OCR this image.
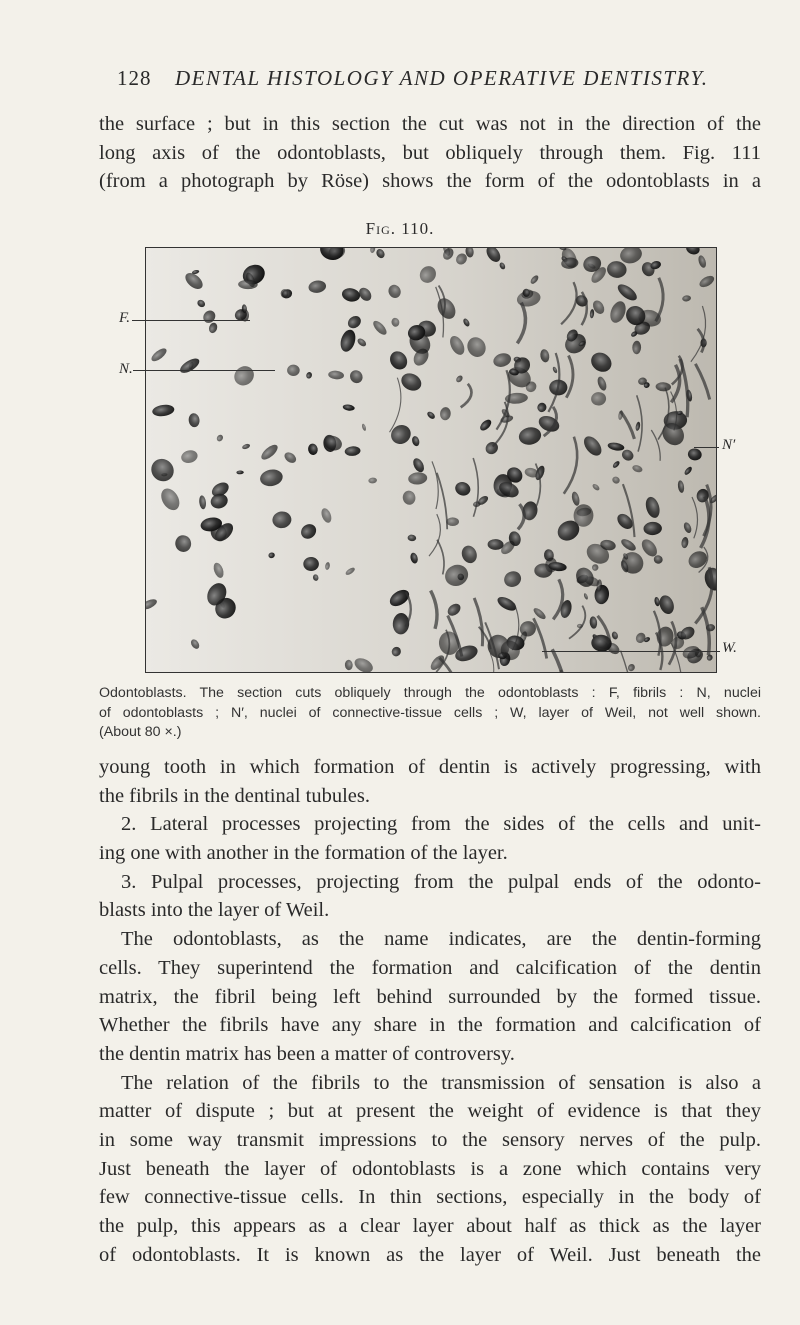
128 DENTAL HISTOLOGY AND OPERATIVE DENTISTRY.
the surface ; but in this section the cut was not in the direction of the
long axis of the odontoblasts, but obliquely through them. Fig. 111
(from a photograph by Röse) shows the form of the odontoblasts in a
Fig. 110.
F.
N.
N′
W.
Odontoblasts. The section cuts obliquely through the odontoblasts : F, fibrils : N, nuclei
of odontoblasts ; N′, nuclei of connective-tissue cells ; W, layer of Weil, not well shown.
(About 80 ×.)
young tooth in which formation of dentin is actively progressing, with
the fibrils in the dentinal tubules.
2. Lateral processes projecting from the sides of the cells and unit-
ing one with another in the formation of the layer.
3. Pulpal processes, projecting from the pulpal ends of the odonto-
blasts into the layer of Weil.
The odontoblasts, as the name indicates, are the dentin-forming
cells. They superintend the formation and calcification of the dentin
matrix, the fibril being left behind surrounded by the formed tissue.
Whether the fibrils have any share in the formation and calcification of
the dentin matrix has been a matter of controversy.
The relation of the fibrils to the transmission of sensation is also a
matter of dispute ; but at present the weight of evidence is that they
in some way transmit impressions to the sensory nerves of the pulp.
Just beneath the layer of odontoblasts is a zone which contains very
few connective-tissue cells. In thin sections, especially in the body of
the pulp, this appears as a clear layer about half as thick as the layer
of odontoblasts. It is known as the layer of Weil. Just beneath the
